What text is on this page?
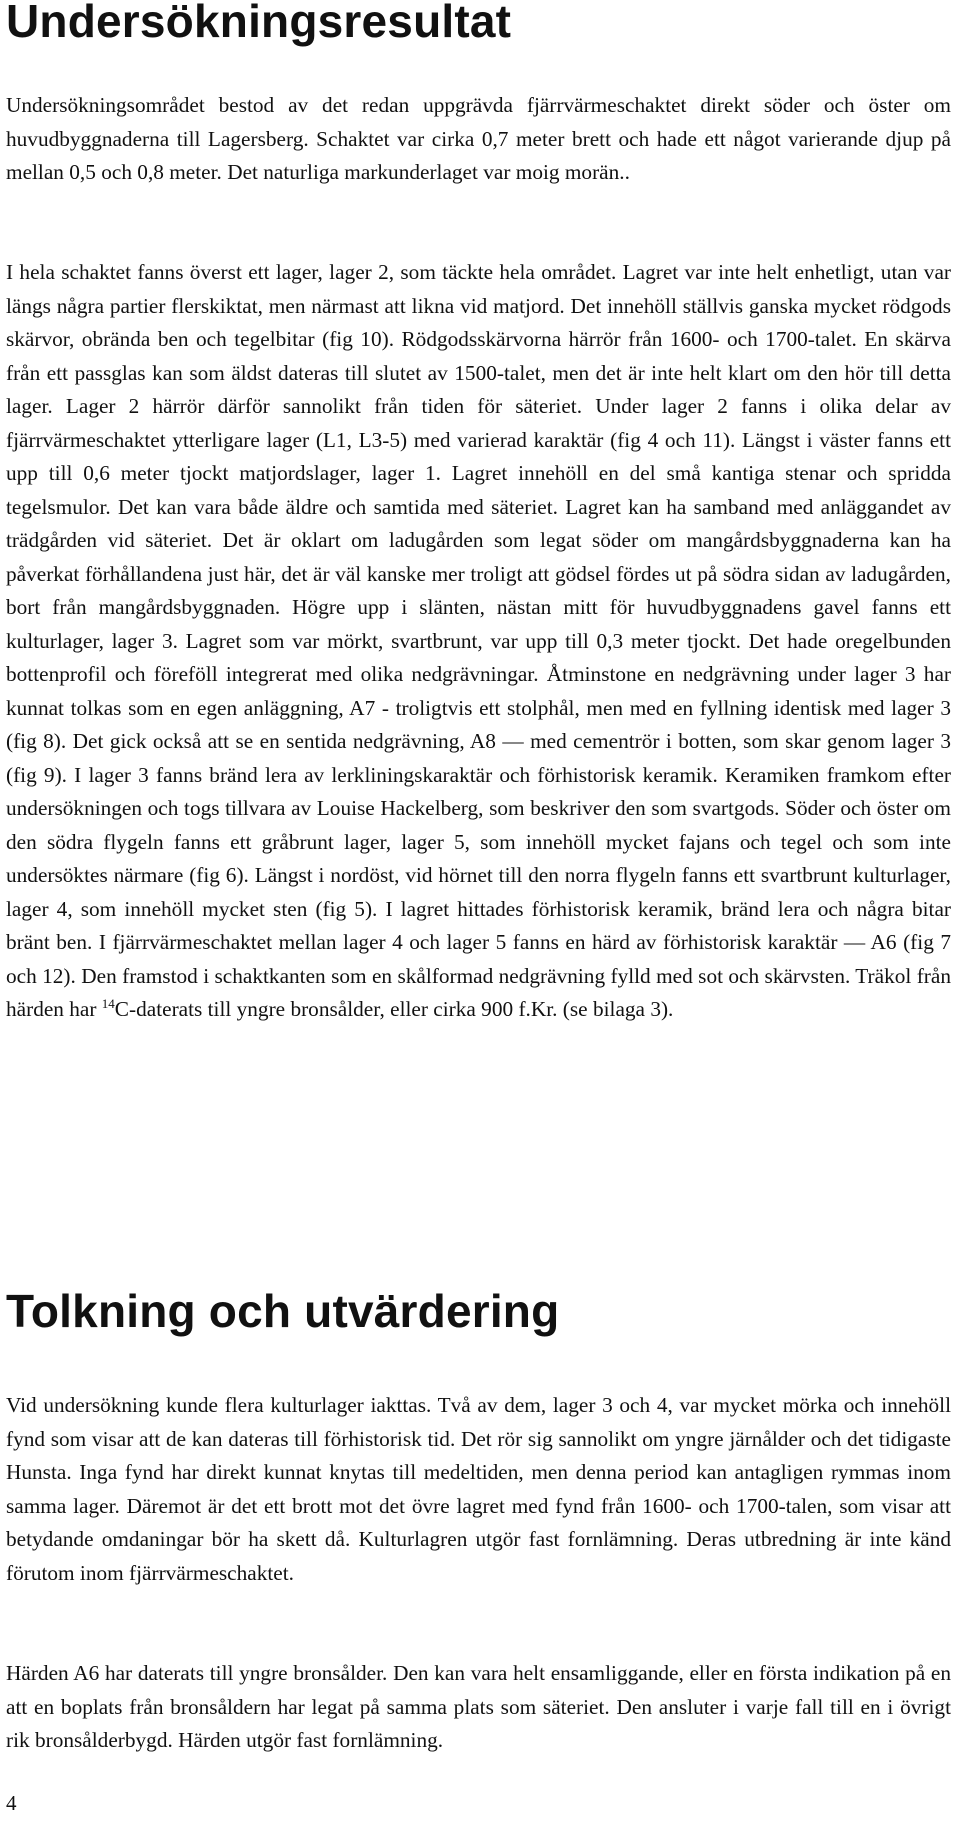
Undersökningsresultat

Undersökningsområdet bestod av det redan uppgrävda fjärrvärmeschaktet direkt söder och öster om huvudbyggnaderna till Lagersberg. Schaktet var cirka 0,7 meter brett och hade ett något varierande djup på mellan 0,5 och 0,8 meter. Det naturliga markunderlaget var moig morän..

I hela schaktet fanns överst ett lager, lager 2, som täckte hela området. Lagret var inte helt enhetligt, utan var längs några partier flerskiktat, men närmast att likna vid matjord. Det innehöll ställvis ganska mycket rödgods skärvor, obrända ben och tegelbitar (fig 10). Rödgodsskärvorna härrör från 1600- och 1700-talet. En skärva från ett passglas kan som äldst dateras till slutet av 1500-talet, men det är inte helt klart om den hör till detta lager. Lager 2 härrör därför sannolikt från tiden för säteriet. Under lager 2 fanns i olika delar av fjärrvärmeschaktet ytterligare lager (L1, L3-5) med varierad karaktär (fig 4 och 11). Längst i väster fanns ett upp till 0,6 meter tjockt matjordslager, lager 1. Lagret innehöll en del små kantiga stenar och spridda tegelsmulor. Det kan vara både äldre och samtida med säteriet. Lagret kan ha samband med anläggandet av trädgården vid säteriet. Det är oklart om ladugården som legat söder om mangårdsbyggnaderna kan ha påverkat förhållandena just här, det är väl kanske mer troligt att gödsel fördes ut på södra sidan av ladugården, bort från mangårdsbyggnaden. Högre upp i slänten, nästan mitt för huvudbyggnadens gavel fanns ett kulturlager, lager 3. Lagret som var mörkt, svartbrunt, var upp till 0,3 meter tjockt. Det hade oregelbunden bottenprofil och föreföll integrerat med olika nedgrävningar. Åtminstone en nedgrävning under lager 3 har kunnat tolkas som en egen anläggning, A7 - troligtvis ett stolphål, men med en fyllning identisk med lager 3 (fig 8). Det gick också att se en sentida nedgrävning, A8 — med cementrör i botten, som skar genom lager 3 (fig 9). I lager 3 fanns bränd lera av lerkliningskaraktär och förhistorisk keramik. Keramiken framkom efter undersökningen och togs tillvara av Louise Hackelberg, som beskriver den som svartgods. Söder och öster om den södra flygeln fanns ett gråbrunt lager, lager 5, som innehöll mycket fajans och tegel och som inte undersöktes närmare (fig 6). Längst i nordöst, vid hörnet till den norra flygeln fanns ett svartbrunt kulturlager, lager 4, som innehöll mycket sten (fig 5). I lagret hittades förhistorisk keramik, bränd lera och några bitar bränt ben. I fjärrvärmeschaktet mellan lager 4 och lager 5 fanns en härd av förhistorisk karaktär — A6 (fig 7 och 12). Den framstod i schaktkanten som en skålformad nedgrävning fylld med sot och skärvsten. Träkol från härden har $^{14}$C-daterats till yngre bronsålder, eller cirka 900 f.Kr. (se bilaga 3).

Tolkning och utvärdering

Vid undersökning kunde flera kulturlager iakttas. Två av dem, lager 3 och 4, var mycket mörka och innehöll fynd som visar att de kan dateras till förhistorisk tid. Det rör sig sannolikt om yngre järnålder och det tidigaste Hunsta. Inga fynd har direkt kunnat knytas till medeltiden, men denna period kan antagligen rymmas inom samma lager. Däremot är det ett brott mot det övre lagret med fynd från 1600- och 1700-talen, som visar att betydande omdaningar bör ha skett då. Kulturlagren utgör fast fornlämning. Deras utbredning är inte känd förutom inom fjärrvärmeschaktet.

Härden A6 har daterats till yngre bronsålder. Den kan vara helt ensamliggande, eller en första indikation på en att en boplats från bronsåldern har legat på samma plats som säteriet. Den ansluter i varje fall till en i övrigt rik bronsålderbygd. Härden utgör fast fornlämning.

4
